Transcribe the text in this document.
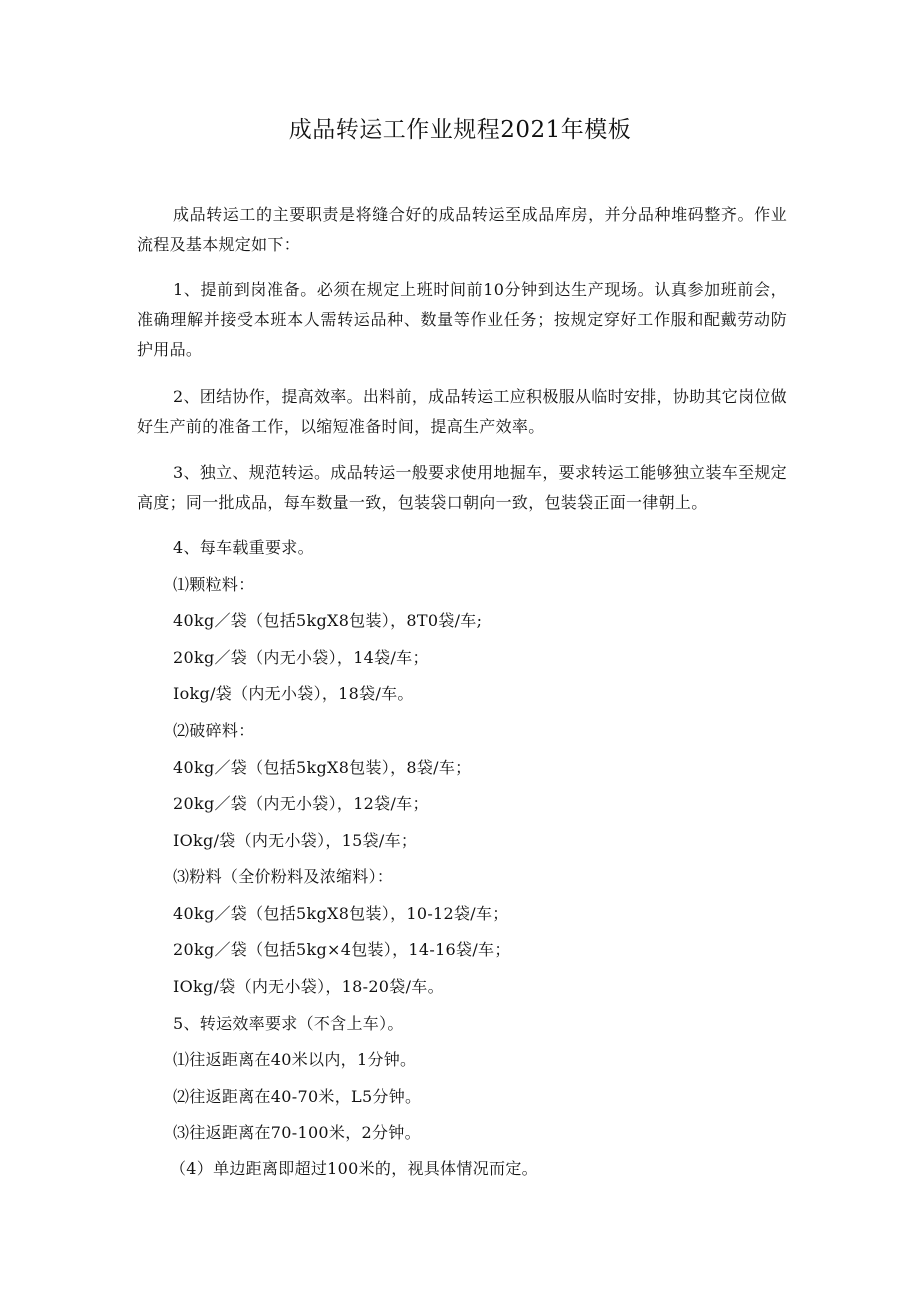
成品转运工作业规程2021年模板

成品转运工的主要职责是将缝合好的成品转运至成品库房，并分品种堆码整齐。作业流程及基本规定如下：

1、提前到岗准备。必须在规定上班时间前10分钟到达生产现场。认真参加班前会，准确理解并接受本班本人需转运品种、数量等作业任务；按规定穿好工作服和配戴劳动防护用品。

2、团结协作，提高效率。出料前，成品转运工应积极服从临时安排，协助其它岗位做好生产前的准备工作，以缩短准备时间，提高生产效率。

3、独立、规范转运。成品转运一般要求使用地掘车，要求转运工能够独立装车至规定高度；同一批成品，每车数量一致，包装袋口朝向一致，包装袋正面一律朝上。

4、每车载重要求。
⑴颗粒料：
40kg／袋（包括5kgX8包装），8T0袋/车;
20kg／袋（内无小袋），14袋/车；
Iokg/袋（内无小袋），18袋/车。
⑵破碎料：
40kg／袋（包括5kgX8包装），8袋/车；
20kg／袋（内无小袋），12袋/车；
IOkg/袋（内无小袋），15袋/车；
⑶粉料（全价粉料及浓缩料）：
40kg／袋（包括5kgX8包装），10-12袋/车；
20kg／袋（包括5kg×4包装），14-16袋/车；
IOkg/袋（内无小袋），18-20袋/车。
5、转运效率要求（不含上车）。
⑴往返距离在40米以内，1分钟。
⑵往返距离在40-70米，L5分钟。
⑶往返距离在70-100米，2分钟。
（4）单边距离即超过100米的，视具体情况而定。
